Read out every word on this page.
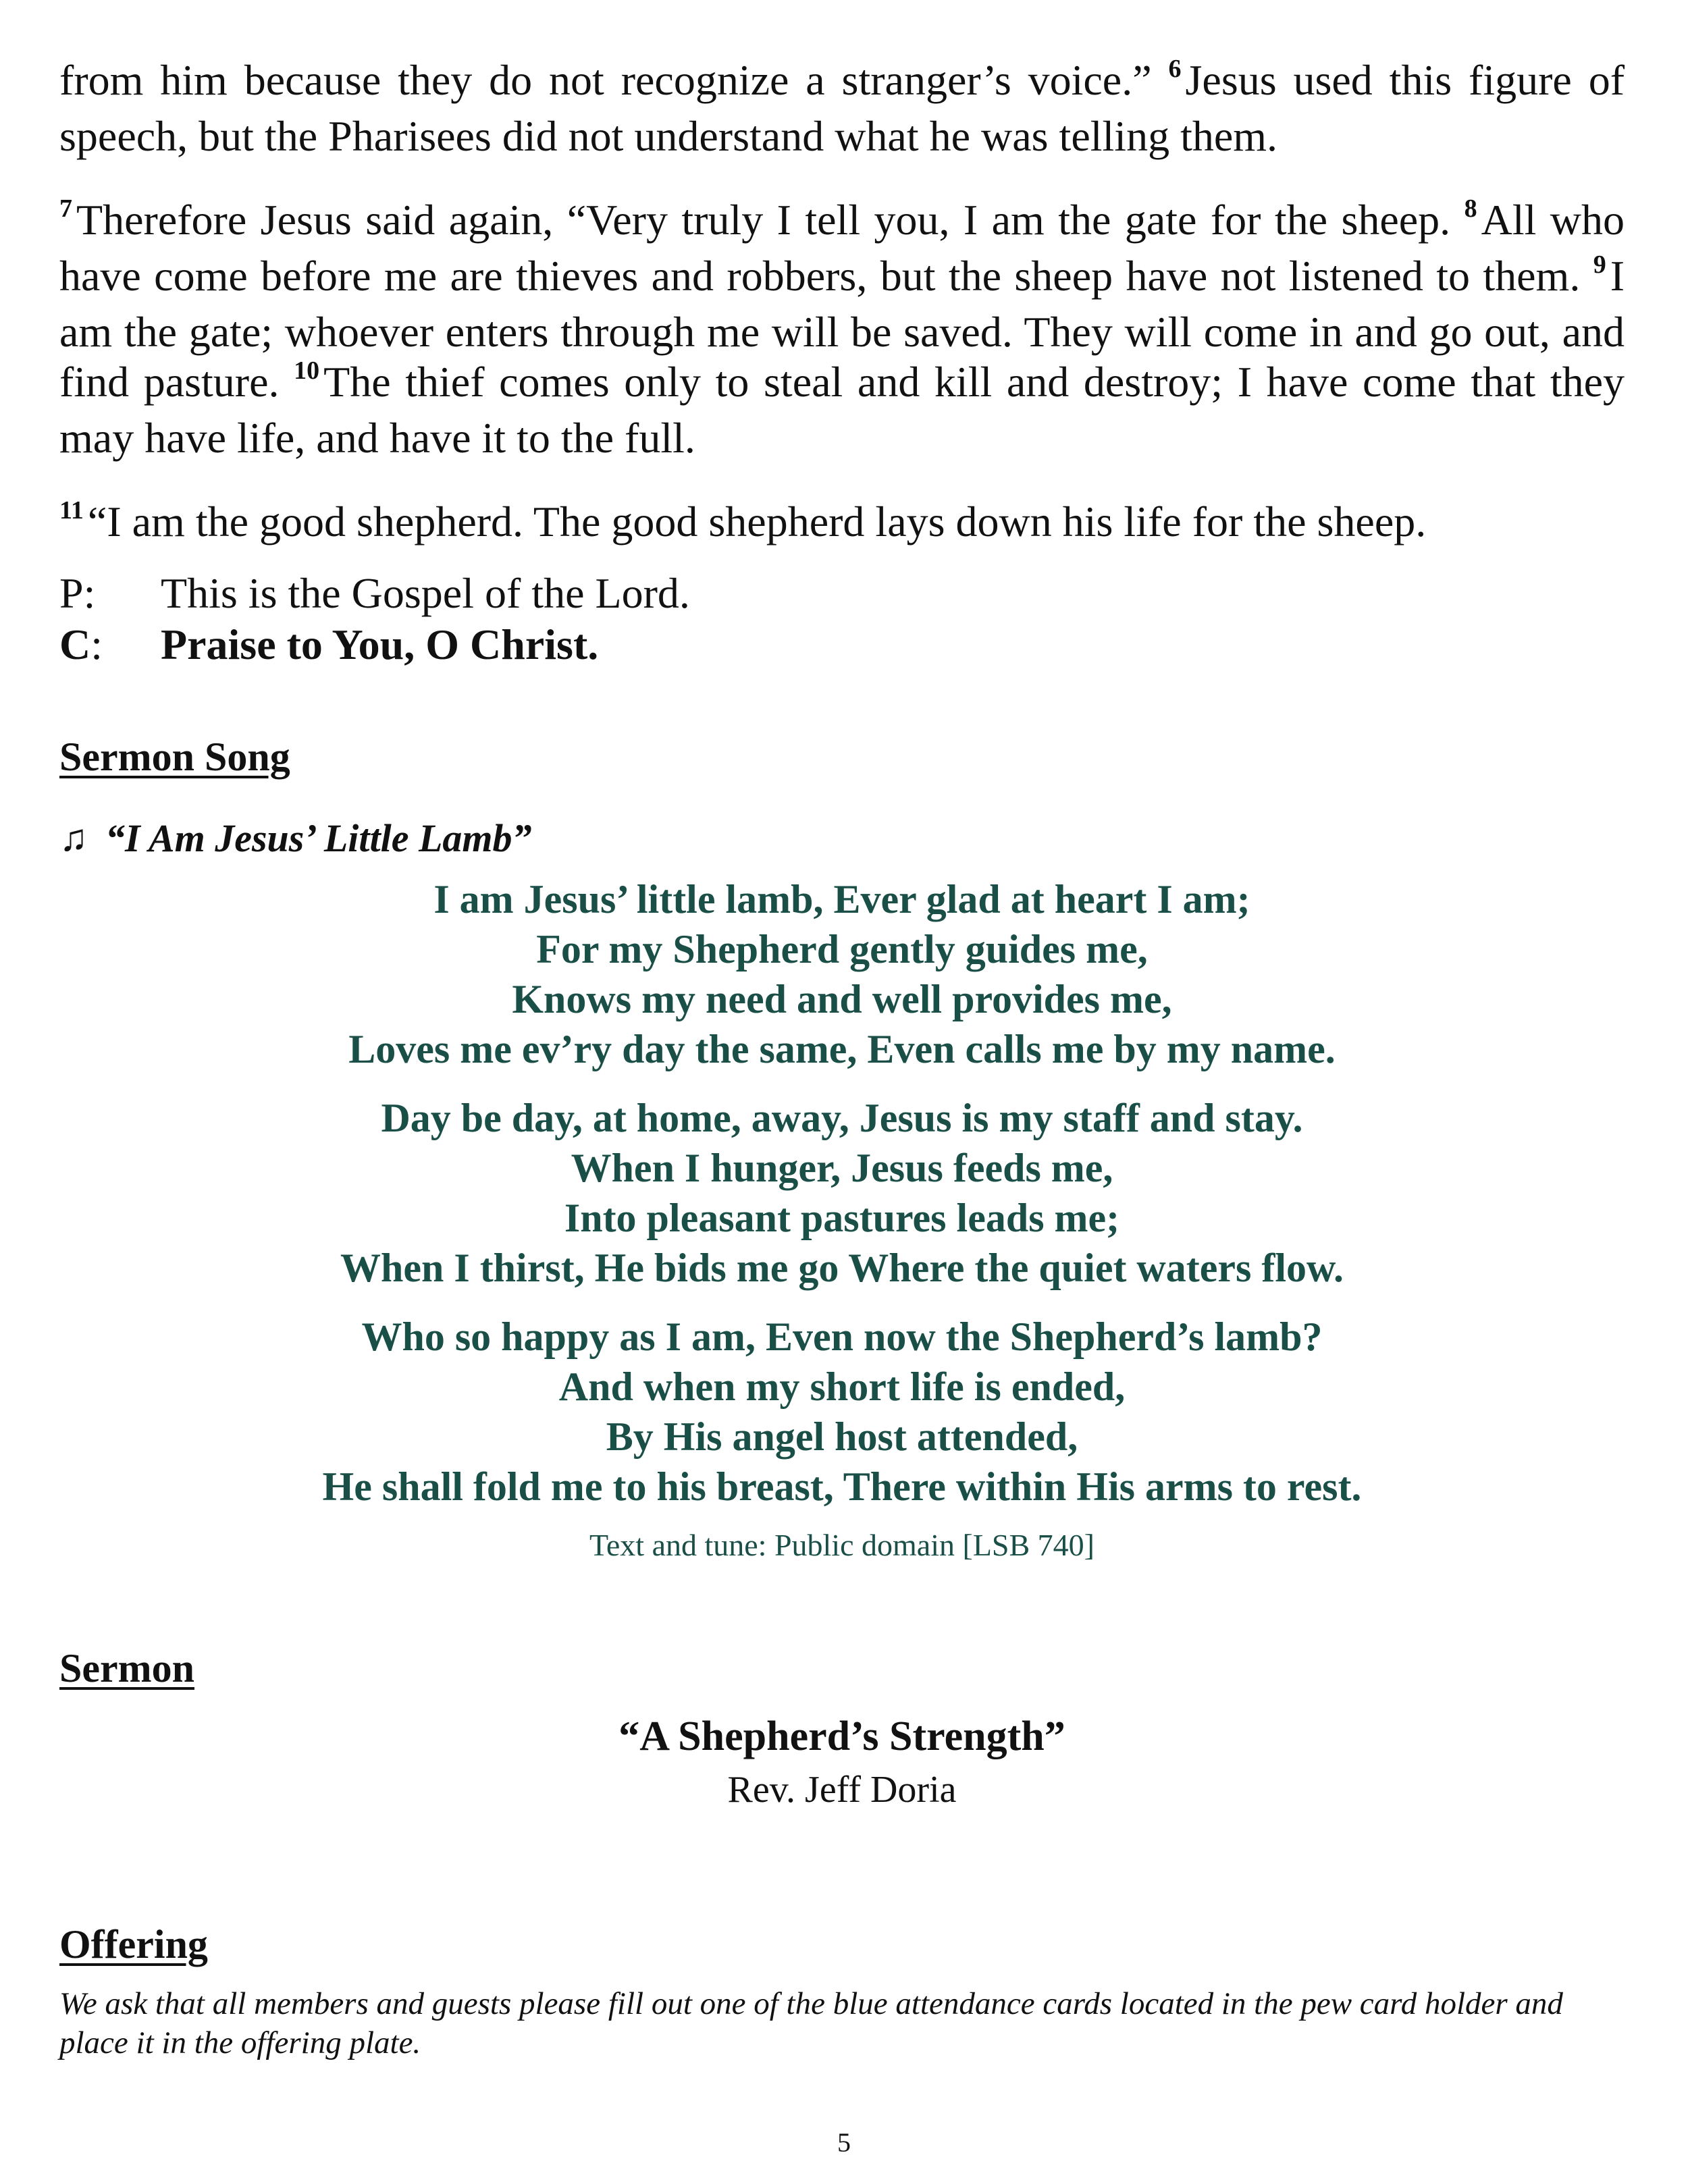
from him because they do not recognize a stranger’s voice.” $^6$Jesus used this figure of speech, but the Pharisees did not understand what he was telling them.

$^7$Therefore Jesus said again, “Very truly I tell you, I am the gate for the sheep. $^8$All who have come before me are thieves and robbers, but the sheep have not listened to them. $^9$I am the gate; whoever enters through me will be saved. They will come in and go out, and find pasture. $^{10}$The thief comes only to steal and kill and destroy; I have come that they may have life, and have it to the full.

$^{11}$“I am the good shepherd. The good shepherd lays down his life for the sheep.

P:	This is the Gospel of the Lord.
C:	Praise to You, O Christ.
Sermon Song
♫ “I Am Jesus’ Little Lamb”
I am Jesus’ little lamb, Ever glad at heart I am;
For my Shepherd gently guides me,
Knows my need and well provides me,
Loves me ev’ry day the same, Even calls me by my name.
Day be day, at home, away, Jesus is my staff and stay.
When I hunger, Jesus feeds me,
Into pleasant pastures leads me;
When I thirst, He bids me go Where the quiet waters flow.
Who so happy as I am, Even now the Shepherd’s lamb?
And when my short life is ended,
By His angel host attended,
He shall fold me to his breast, There within His arms to rest.
Text and tune: Public domain [LSB 740]
Sermon
“A Shepherd’s Strength”
Rev. Jeff Doria
Offering
We ask that all members and guests please fill out one of the blue attendance cards located in the pew card holder and place it in the offering plate.
5
